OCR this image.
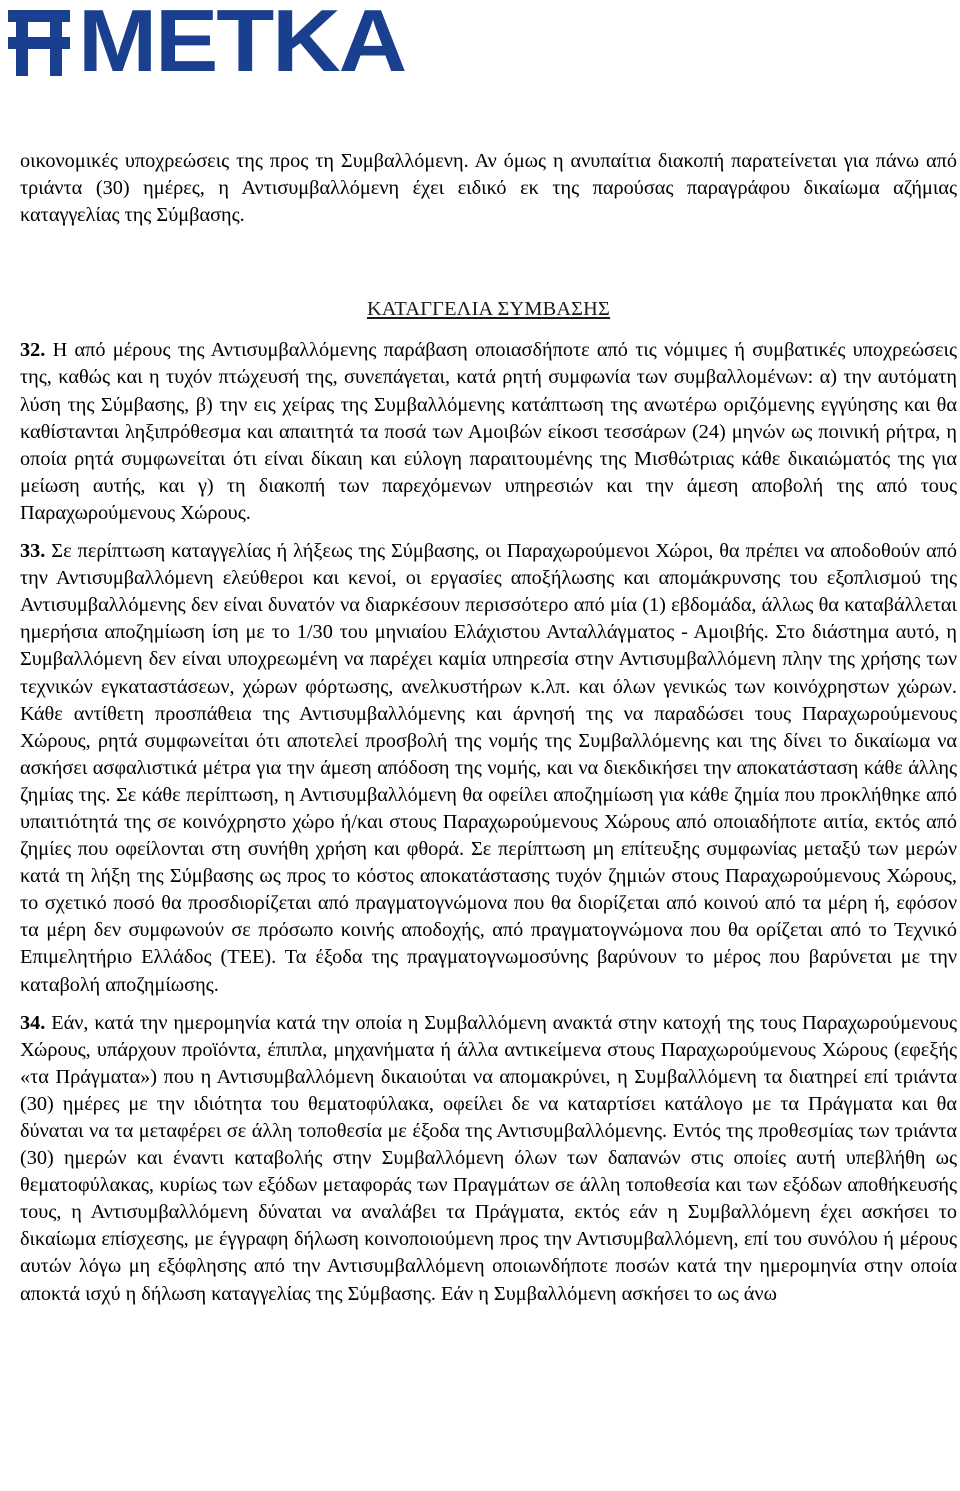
METKA

οικονομικές υποχρεώσεις της προς τη Συμβαλλόμενη. Αν όμως η ανυπαίτια διακοπή παρατείνεται για πάνω από τριάντα (30) ημέρες, η Αντισυμβαλλόμενη έχει ειδικό εκ της παρούσας παραγράφου δικαίωμα αζήμιας καταγγελίας της Σύμβασης.

ΚΑΤΑΓΓΕΛΙΑ ΣΥΜΒΑΣΗΣ

32. Η από μέρους της Αντισυμβαλλόμενης παράβαση οποιασδήποτε από τις νόμιμες ή συμβατικές υποχρεώσεις της, καθώς και η τυχόν πτώχευσή της, συνεπάγεται, κατά ρητή συμφωνία των συμβαλλομένων: α) την αυτόματη λύση της Σύμβασης, β) την εις χείρας της Συμβαλλόμενης κατάπτωση της ανωτέρω οριζόμενης εγγύησης και θα καθίστανται ληξιπρόθεσμα και απαιτητά τα ποσά των Αμοιβών είκοσι τεσσάρων (24) μηνών ως ποινική ρήτρα, η οποία ρητά συμφωνείται ότι είναι δίκαιη και εύλογη παραιτουμένης της Μισθώτριας κάθε δικαιώματός της για μείωση αυτής, και γ) τη διακοπή των παρεχόμενων υπηρεσιών και την άμεση αποβολή της από τους Παραχωρούμενους Χώρους.

33. Σε περίπτωση καταγγελίας ή λήξεως της Σύμβασης, οι Παραχωρούμενοι Χώροι, θα πρέπει να αποδοθούν από την Αντισυμβαλλόμενη ελεύθεροι και κενοί, οι εργασίες αποξήλωσης και απομάκρυνσης του εξοπλισμού της Αντισυμβαλλόμενης δεν είναι δυνατόν να διαρκέσουν περισσότερο από μία (1) εβδομάδα, άλλως θα καταβάλλεται ημερήσια αποζημίωση ίση με το 1/30 του μηνιαίου Ελάχιστου Ανταλλάγματος - Αμοιβής. Στο διάστημα αυτό, η Συμβαλλόμενη δεν είναι υποχρεωμένη να παρέχει καμία υπηρεσία στην Αντισυμβαλλόμενη πλην της χρήσης των τεχνικών εγκαταστάσεων, χώρων φόρτωσης, ανελκυστήρων κ.λπ. και όλων γενικώς των κοινόχρηστων χώρων. Κάθε αντίθετη προσπάθεια της Αντισυμβαλλόμενης και άρνησή της να παραδώσει τους Παραχωρούμενους Χώρους, ρητά συμφωνείται ότι αποτελεί προσβολή της νομής της Συμβαλλόμενης και της δίνει το δικαίωμα να ασκήσει ασφαλιστικά μέτρα για την άμεση απόδοση της νομής, και να διεκδικήσει την αποκατάσταση κάθε άλλης ζημίας της. Σε κάθε περίπτωση, η Αντισυμβαλλόμενη θα οφείλει αποζημίωση για κάθε ζημία που προκλήθηκε από υπαιτιότητά της σε κοινόχρηστο χώρο ή/και στους Παραχωρούμενους Χώρους από οποιαδήποτε αιτία, εκτός από ζημίες που οφείλονται στη συνήθη χρήση και φθορά. Σε περίπτωση μη επίτευξης συμφωνίας μεταξύ των μερών κατά τη λήξη της Σύμβασης ως προς το κόστος αποκατάστασης τυχόν ζημιών στους Παραχωρούμενους Χώρους, το σχετικό ποσό θα προσδιορίζεται από πραγματογνώμονα που θα διορίζεται από κοινού από τα μέρη ή, εφόσον τα μέρη δεν συμφωνούν σε πρόσωπο κοινής αποδοχής, από πραγματογνώμονα που θα ορίζεται από το Τεχνικό Επιμελητήριο Ελλάδος (ΤΕΕ). Τα έξοδα της πραγματογνωμοσύνης βαρύνουν το μέρος που βαρύνεται με την καταβολή αποζημίωσης.

34. Εάν, κατά την ημερομηνία κατά την οποία η Συμβαλλόμενη ανακτά στην κατοχή της τους Παραχωρούμενους Χώρους, υπάρχουν προϊόντα, έπιπλα, μηχανήματα ή άλλα αντικείμενα στους Παραχωρούμενους Χώρους (εφεξής «τα Πράγματα») που η Αντισυμβαλλόμενη δικαιούται να απομακρύνει, η Συμβαλλόμενη τα διατηρεί επί τριάντα (30) ημέρες με την ιδιότητα του θεματοφύλακα, οφείλει δε να καταρτίσει κατάλογο με τα Πράγματα και θα δύναται να τα μεταφέρει σε άλλη τοποθεσία με έξοδα της Αντισυμβαλλόμενης. Εντός της προθεσμίας των τριάντα (30) ημερών και έναντι καταβολής στην Συμβαλλόμενη όλων των δαπανών στις οποίες αυτή υπεβλήθη ως θεματοφύλακας, κυρίως των εξόδων μεταφοράς των Πραγμάτων σε άλλη τοποθεσία και των εξόδων αποθήκευσής τους, η Αντισυμβαλλόμενη δύναται να αναλάβει τα Πράγματα, εκτός εάν η Συμβαλλόμενη έχει ασκήσει το δικαίωμα επίσχεσης, με έγγραφη δήλωση κοινοποιούμενη προς την Αντισυμβαλλόμενη, επί του συνόλου ή μέρους αυτών λόγω μη εξόφλησης από την Αντισυμβαλλόμενη οποιωνδήποτε ποσών κατά την ημερομηνία στην οποία αποκτά ισχύ η δήλωση καταγγελίας της Σύμβασης. Εάν η Συμβαλλόμενη ασκήσει το ως άνω
